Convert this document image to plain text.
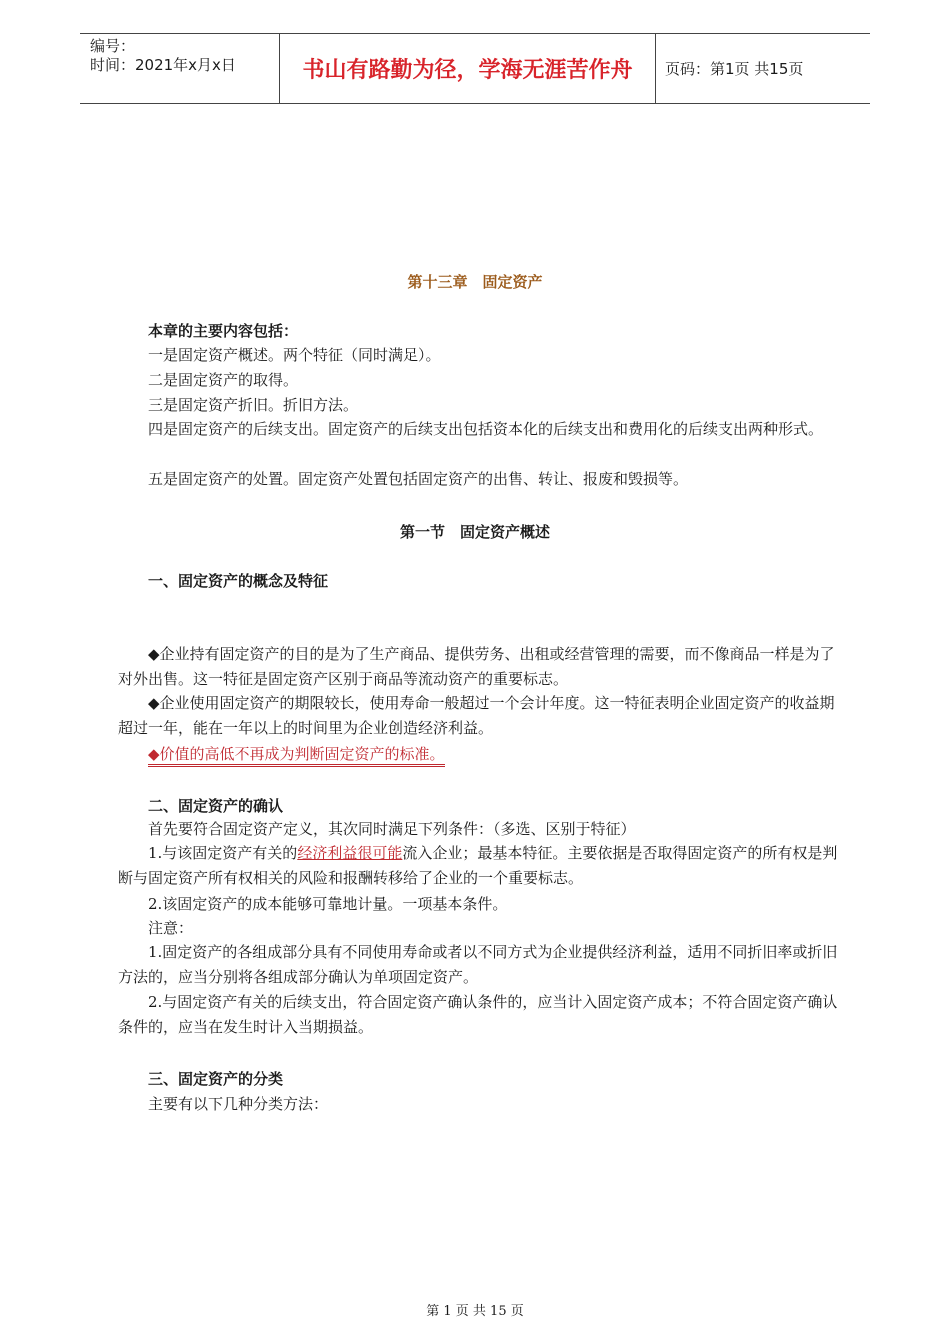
编号：
时间：2021年x月x日	书山有路勤为径，学海无涯苦作舟	页码：第1页 共15页
第十三章　固定资产
本章的主要内容包括：
一是固定资产概述。两个特征（同时满足）。
二是固定资产的取得。
三是固定资产折旧。折旧方法。
四是固定资产的后续支出。固定资产的后续支出包括资本化的后续支出和费用化的后续支出两种形式。
五是固定资产的处置。固定资产处置包括固定资产的出售、转让、报废和毁损等。
第一节　固定资产概述
一、固定资产的概念及特征
◆企业持有固定资产的目的是为了生产商品、提供劳务、出租或经营管理的需要，而不像商品一样是为了对外出售。这一特征是固定资产区别于商品等流动资产的重要标志。
◆企业使用固定资产的期限较长，使用寿命一般超过一个会计年度。这一特征表明企业固定资产的收益期超过一年，能在一年以上的时间里为企业创造经济利益。
◆价值的高低不再成为判断固定资产的标准。
二、固定资产的确认
首先要符合固定资产定义，其次同时满足下列条件：（多选、区别于特征）
1.与该固定资产有关的经济利益很可能流入企业；最基本特征。主要依据是否取得固定资产的所有权是判断与固定资产所有权相关的风险和报酬转移给了企业的一个重要标志。
2.该固定资产的成本能够可靠地计量。一项基本条件。
注意：
1.固定资产的各组成部分具有不同使用寿命或者以不同方式为企业提供经济利益，适用不同折旧率或折旧方法的，应当分别将各组成部分确认为单项固定资产。
2.与固定资产有关的后续支出，符合固定资产确认条件的，应当计入固定资产成本；不符合固定资产确认条件的，应当在发生时计入当期损益。
三、固定资产的分类
主要有以下几种分类方法：
第 1 页 共 15 页
